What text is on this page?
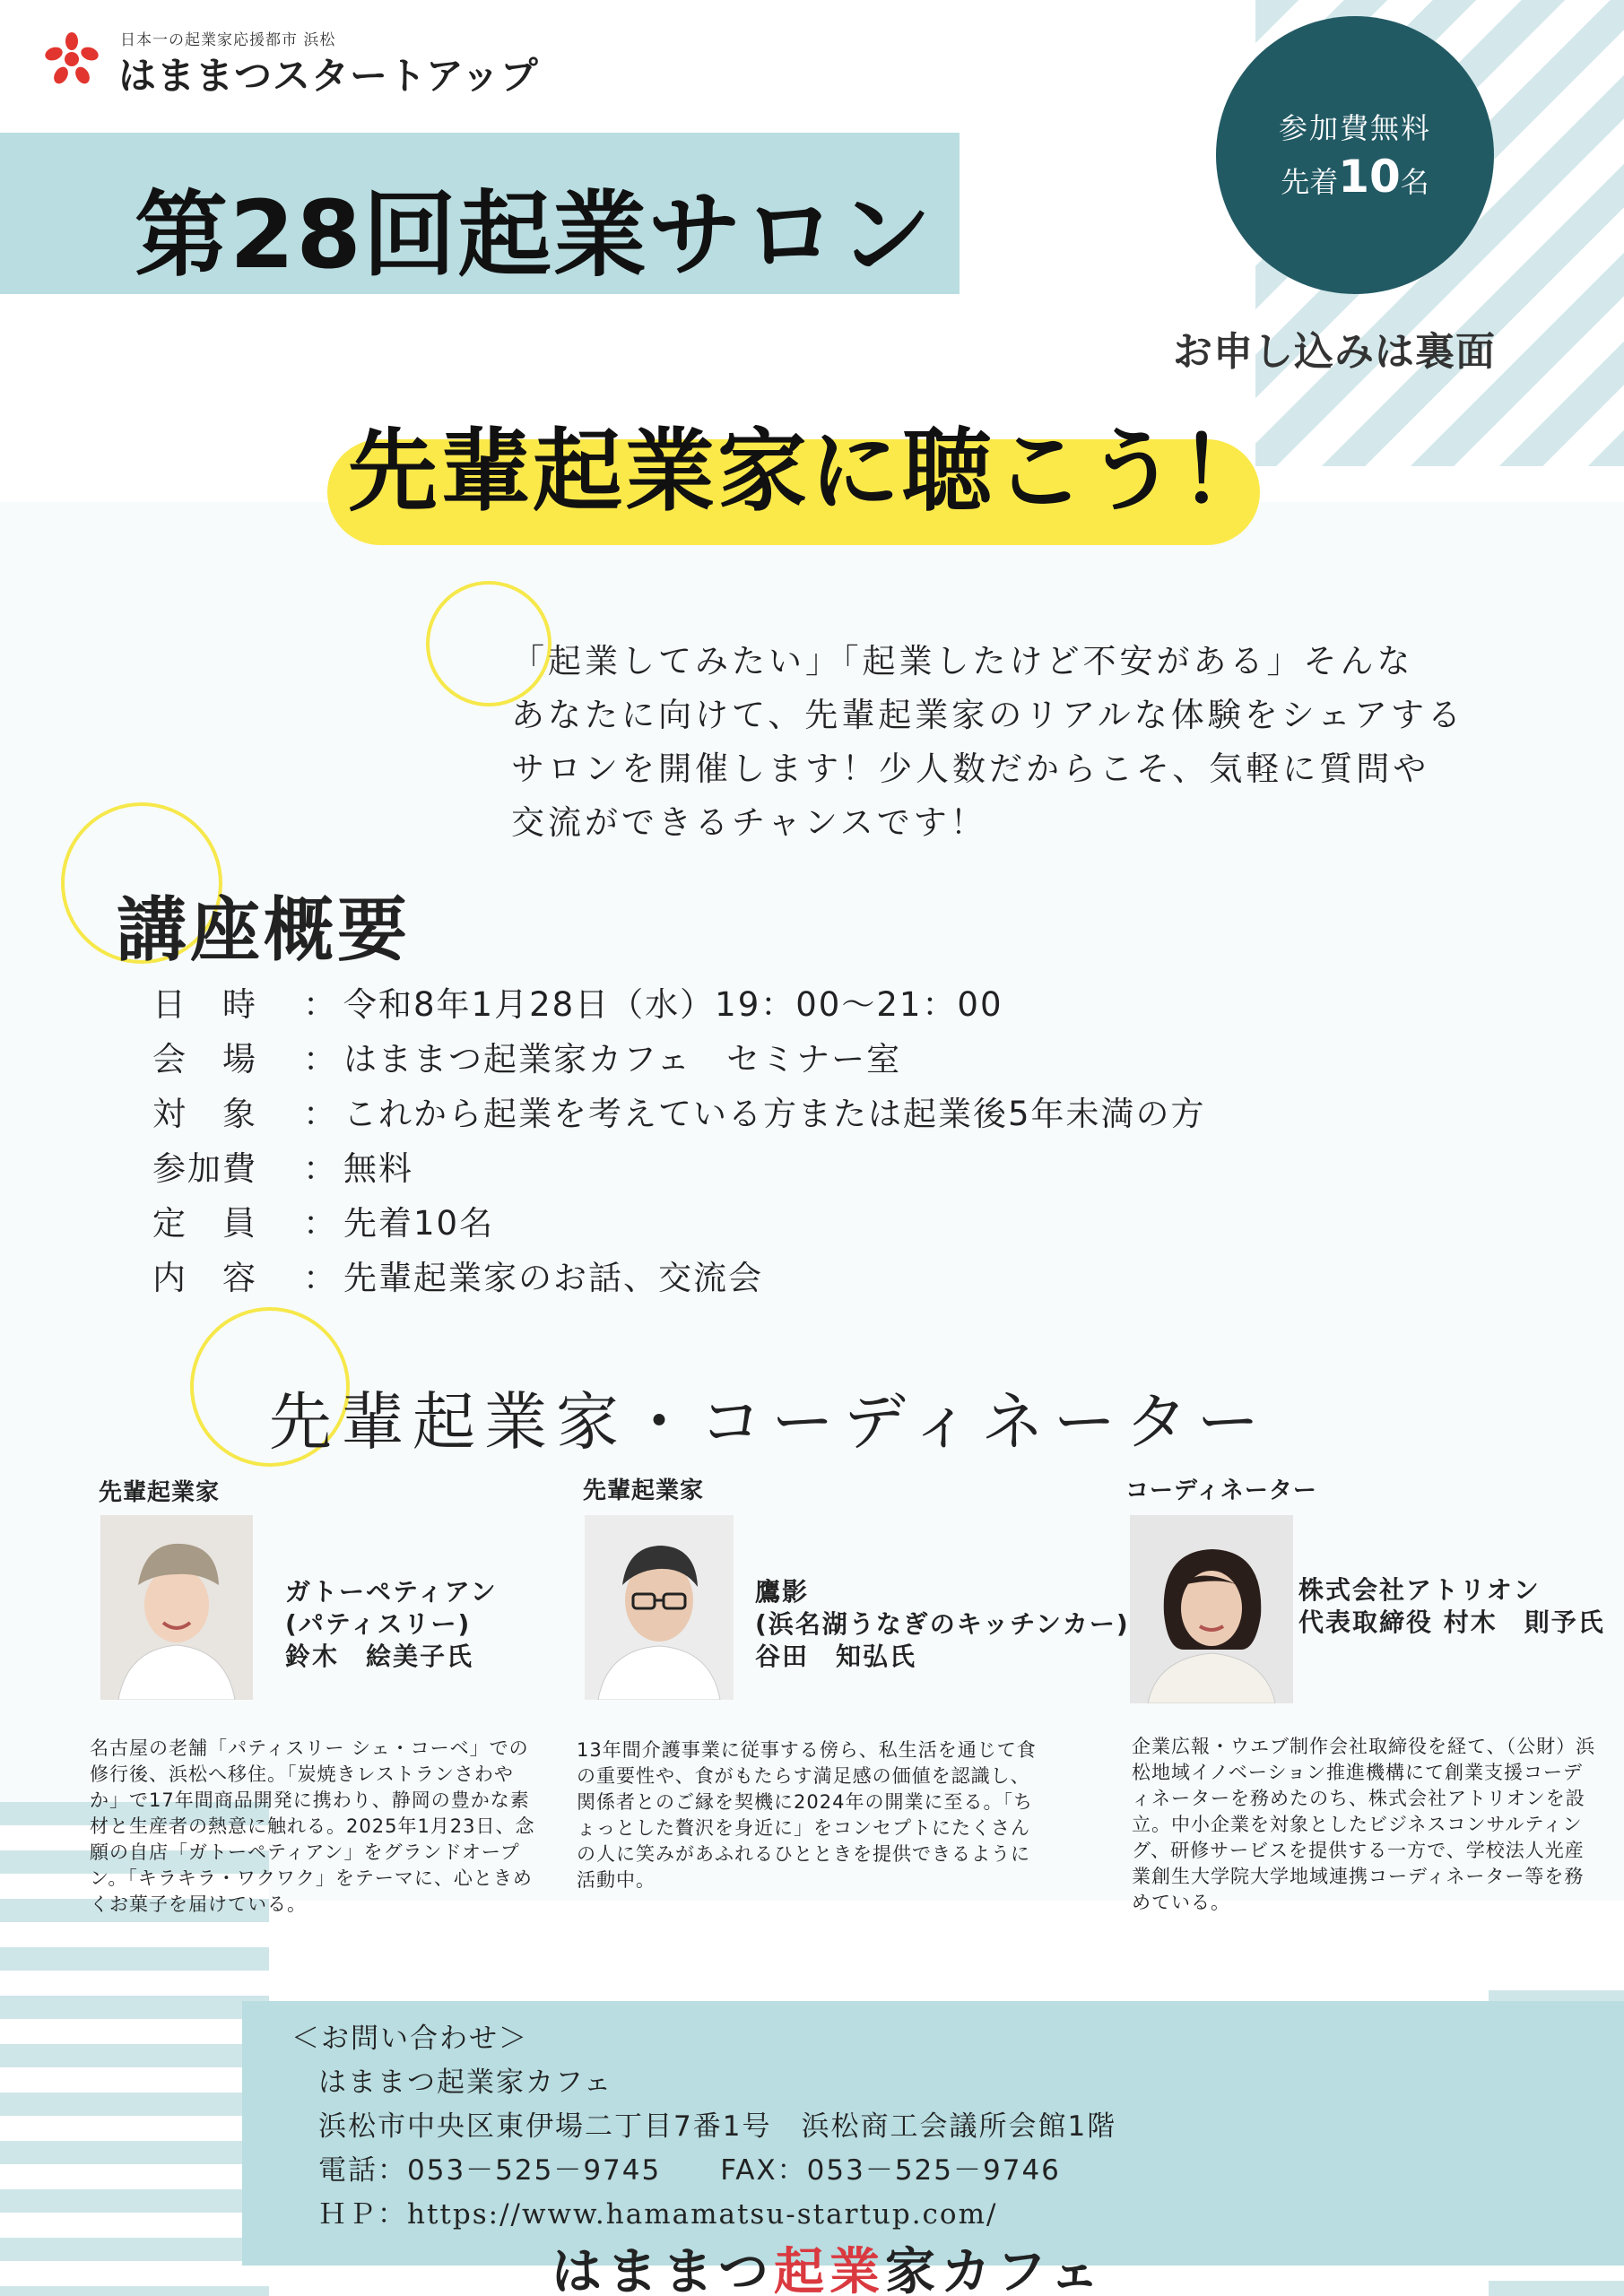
日本一の起業家応援都市 浜松
はままつスタートアップ
第28回起業サロン
参加費無料
先着10名
お申し込みは裏面
先輩起業家に聴こう！
「起業してみたい」「起業したけど不安がある」そんな
あなたに向けて、先輩起業家のリアルな体験をシェアする
サロンを開催します！少人数だからこそ、気軽に質問や
交流ができるチャンスです！
講座概要
日　時 ： 令和8年1月28日（水）19：00～21：00
会　場 ： はままつ起業家カフェ　セミナー室
対　象 ： これから起業を考えている方または起業後5年未満の方
参加費 ： 無料
定　員 ： 先着10名
内　容 ： 先輩起業家のお話、交流会
先輩起業家・コーディネーター
先輩起業家
ガトーペティアン
(パティスリー)
鈴木　絵美子氏
名古屋の老舗「パティスリー シェ・コーベ」での修行後、浜松へ移住。「炭焼きレストランさわやか」で17年間商品開発に携わり、静岡の豊かな素材と生産者の熱意に触れる。2025年1月23日、念願の自店「ガトーペティアン」をグランドオープン。「キラキラ・ワクワク」をテーマに、心ときめくお菓子を届けている。
先輩起業家
鷹影
(浜名湖うなぎのキッチンカー)
谷田　知弘氏
13年間介護事業に従事する傍ら、私生活を通じて食の重要性や、食がもたらす満足感の価値を認識し、関係者とのご縁を契機に2024年の開業に至る。「ちょっとした贅沢を身近に」をコンセプトにたくさんの人に笑みがあふれるひとときを提供できるように活動中。
コーディネーター
株式会社アトリオン
代表取締役 村木　則予氏
企業広報・ウエブ制作会社取締役を経て、（公財）浜松地域イノベーション推進機構にて創業支援コーディネーターを務めたのち、株式会社アトリオンを設立。中小企業を対象としたビジネスコンサルティング、研修サービスを提供する一方で、学校法人光産業創生大学院大学地域連携コーディネーター等を務めている。
＜お問い合わせ＞
はままつ起業家カフェ
浜松市中央区東伊場二丁目7番1号　浜松商工会議所会館1階
電話：053－525－9745　　FAX：053－525－9746
ＨＰ：https://www.hamamatsu-startup.com/
はままつ起業家カフェ
